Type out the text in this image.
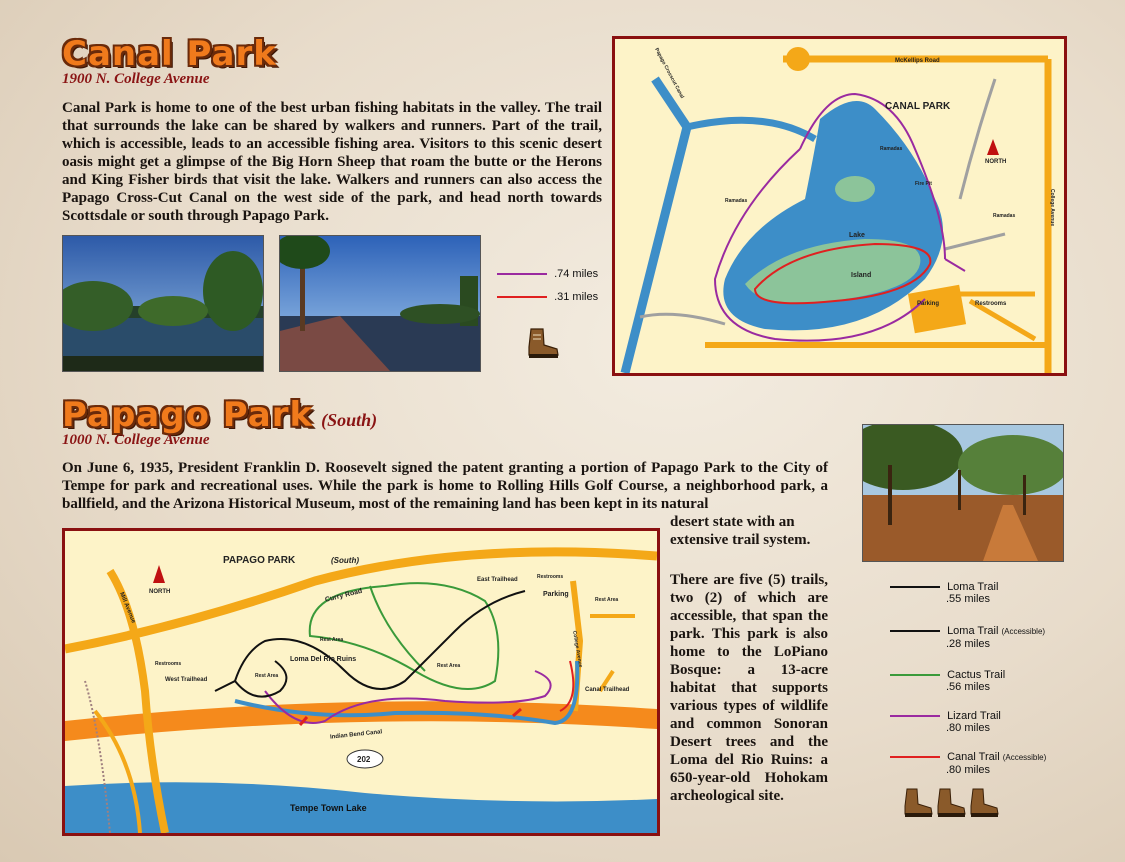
Canal Park
1900 N. College Avenue
Canal Park is home to one of the best urban fishing habitats in the valley. The trail that surrounds the lake can be shared by walkers and runners. Part of the trail, which is accessible, leads to an accessible fishing area. Visitors to this scenic desert oasis might get a glimpse of the Big Horn Sheep that roam the butte or the Herons and King Fisher birds that visit the lake. Walkers and runners can also access the Papago Cross-Cut Canal on the west side of the park, and head north towards Scottsdale or south through Papago Park.
.74 miles
.31 miles
McKellips Road
CANAL PARK
NORTH
Lake
Island
Parking	Restrooms
Fire Pit
Ramadas
Ramadas
Ramadas
Papago Crosscut Canal
College Avenue
Papago Park (South)
1000 N. College Avenue
On June 6, 1935, President Franklin D. Roosevelt signed the patent granting a portion of Papago Park to the City of Tempe for park and recreational uses. While the park is home to Rolling Hills Golf Course, a neighborhood park, a ballfield, and the Arizona Historical Museum, most of the remaining land has been kept in its natural
desert state with an extensive trail system.
There are five (5) trails, two (2) of which are accessible, that span the park. This park is also home to the LoPiano Bosque: a 13-acre habitat that supports various types of wildlife and common Sonoran Desert trees and the Loma del Rio Ruins: a 650-year-old Hohokam archeological site.
Loma Trail
.55 miles
Loma Trail (Accessible)
.28 miles
Cactus Trail
.56 miles
Lizard Trail
.80 miles
Canal Trail (Accessible)
.80 miles
PAPAGO PARK	(South)
NORTH	Curry Road
Mill Avenue
College Avenue
East Trailhead
West Trailhead
Canal Trailhead
Parking
Restrooms
Restrooms
Loma Del Rio Ruins
Rest Area
Rest Area
Rest Area
Rest Area
Indian Bend Canal
202
Tempe Town Lake
